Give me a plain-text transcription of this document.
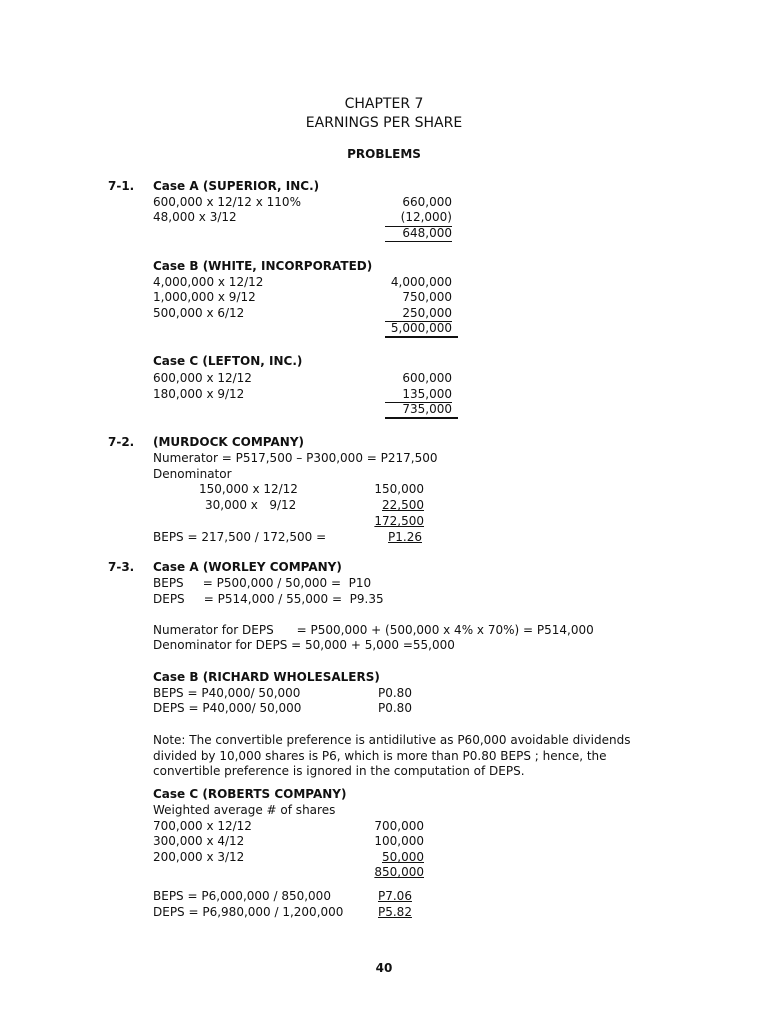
CHAPTER 7
EARNINGS PER SHARE
PROBLEMS
7-1. Case A (SUPERIOR, INC.)
600,000 x 12/12 x 110%	660,000
48,000 x 3/12	(12,000)
648,000
Case B (WHITE, INCORPORATED)
4,000,000 x 12/12	4,000,000
1,000,000 x 9/12	750,000
500,000 x 6/12	250,000
5,000,000
Case C (LEFTON, INC.)
600,000 x 12/12	600,000
180,000 x 9/12	135,000
735,000
7-2. (MURDOCK COMPANY)
Numerator = P517,500 – P300,000 = P217,500
Denominator
150,000 x 12/12	150,000
30,000 x   9/12	22,500
172,500
BEPS = 217,500 / 172,500 =	P1.26
7-3. Case A (WORLEY COMPANY)
BEPS     = P500,000 / 50,000 =  P10
DEPS     = P514,000 / 55,000 =  P9.35
Numerator for DEPS      = P500,000 + (500,000 x 4% x 70%) = P514,000
Denominator for DEPS = 50,000 + 5,000 =55,000
Case B (RICHARD WHOLESALERS)
BEPS = P40,000/ 50,000	P0.80
DEPS = P40,000/ 50,000	P0.80
Note: The convertible preference is antidilutive as P60,000 avoidable dividends divided by 10,000 shares is P6, which is more than P0.80 BEPS ; hence, the convertible preference is ignored in the computation of DEPS.
Case C (ROBERTS COMPANY)
Weighted average # of shares
700,000 x 12/12	700,000
300,000 x 4/12	100,000
200,000 x 3/12	50,000
850,000
BEPS = P6,000,000 / 850,000	P7.06
DEPS = P6,980,000 / 1,200,000	P5.82
40
